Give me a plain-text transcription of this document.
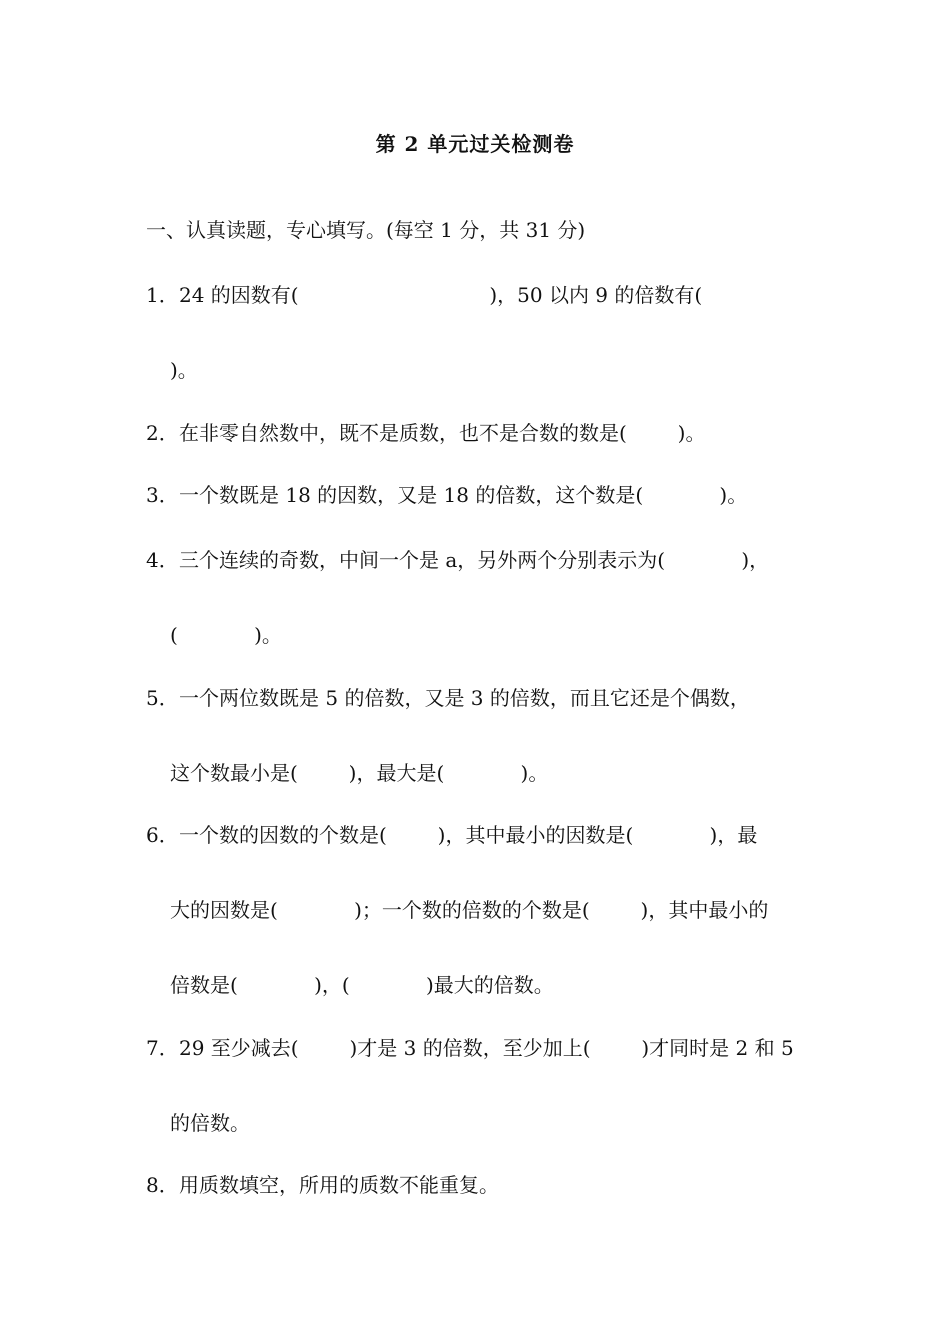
第 2 单元过关检测卷
一、认真读题，专心填写。(每空 1 分，共 31 分)
1．24 的因数有(                              )，50 以内 9 的倍数有(
)。
2．在非零自然数中，既不是质数，也不是合数的数是(        )。
3．一个数既是 18 的因数，又是 18 的倍数，这个数是(            )。
4．三个连续的奇数，中间一个是 a，另外两个分别表示为(            )，
(            )。
5．一个两位数既是 5 的倍数，又是 3 的倍数，而且它还是个偶数，
这个数最小是(        )，最大是(            )。
6．一个数的因数的个数是(        )，其中最小的因数是(            )，最
大的因数是(            )；一个数的倍数的个数是(        )，其中最小的
倍数是(            )，(            )最大的倍数。
7．29 至少减去(        )才是 3 的倍数，至少加上(        )才同时是 2 和 5
的倍数。
8．用质数填空，所用的质数不能重复。
